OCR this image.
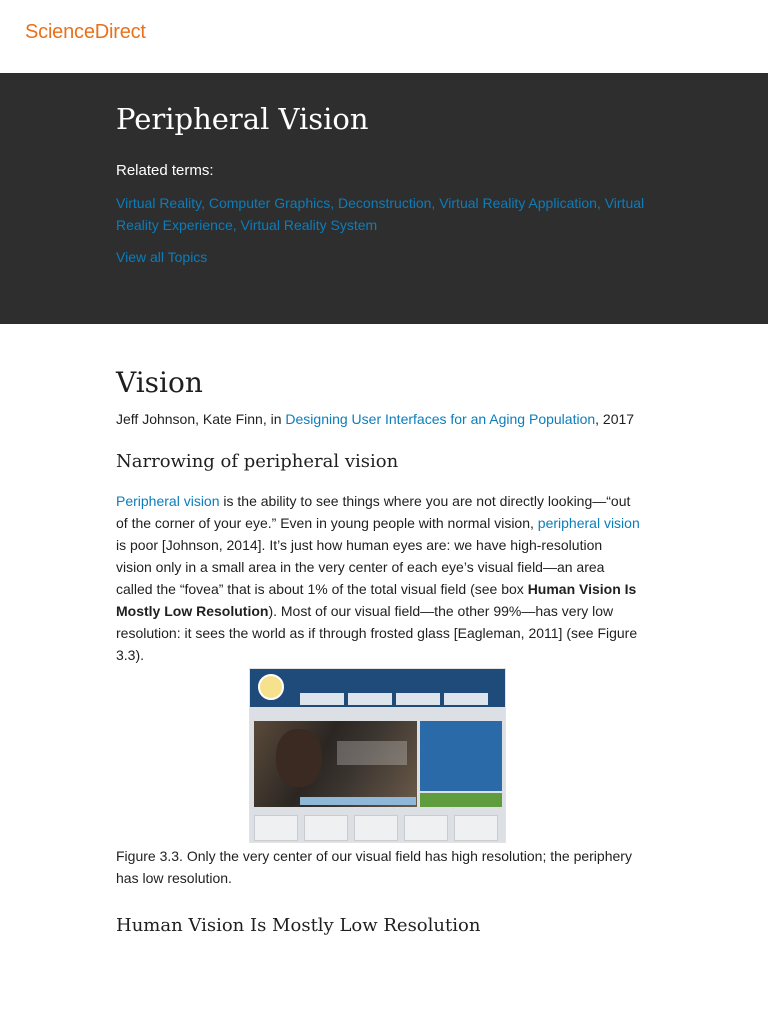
ScienceDirect
Peripheral Vision
Related terms:
Virtual Reality, Computer Graphics, Deconstruction, Virtual Reality Application, Virtual Reality Experience, Virtual Reality System
View all Topics
Vision
Jeff Johnson, Kate Finn, in Designing User Interfaces for an Aging Population, 2017
Narrowing of peripheral vision
Peripheral vision is the ability to see things where you are not directly looking—“out of the corner of your eye.” Even in young people with normal vision, peripheral vision is poor [Johnson, 2014]. It’s just how human eyes are: we have high-resolution vision only in a small area in the very center of each eye’s visual field—an area called the “fovea” that is about 1% of the total visual field (see box Human Vision Is Mostly Low Resolution). Most of our visual field—the other 99%—has very low resolution: it sees the world as if through frosted glass [Eagleman, 2011] (see Figure 3.3).
Figure 3.3. Only the very center of our visual field has high resolution; the periphery has low resolution.
Human Vision Is Mostly Low Resolution
